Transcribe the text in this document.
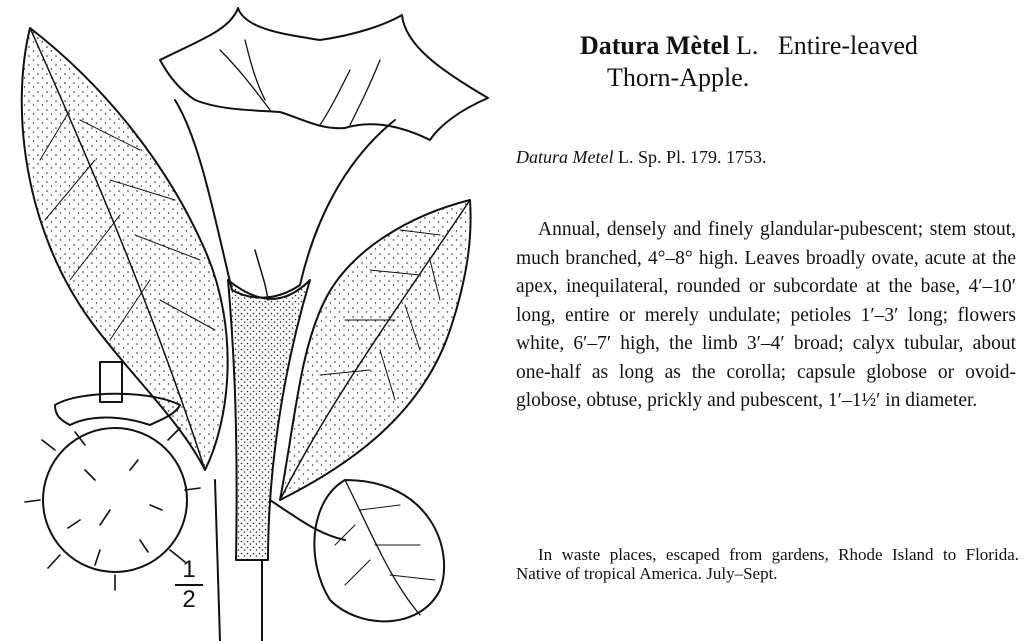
$\frac{1}{2}$
Datura Mètel L. Entire-leaved
Thorn-Apple.
Datura Metel L. Sp. Pl. 179. 1753.

Annual, densely and finely glandular-pubescent; stem stout, much branched, 4°–8° high. Leaves broadly ovate, acute at the apex, inequilateral, rounded or subcordate at the base, 4′–10′ long, entire or merely undulate; petioles 1′–3′ long; flowers white, 6′–7′ high, the limb 3′–4′ broad; calyx tubular, about one-half as long as the corolla; capsule globose or ovoid-globose, obtuse, prickly and pubescent, 1′–1½′ in diameter.

In waste places, escaped from gardens, Rhode Island to Florida. Native of tropical America. July–Sept.
